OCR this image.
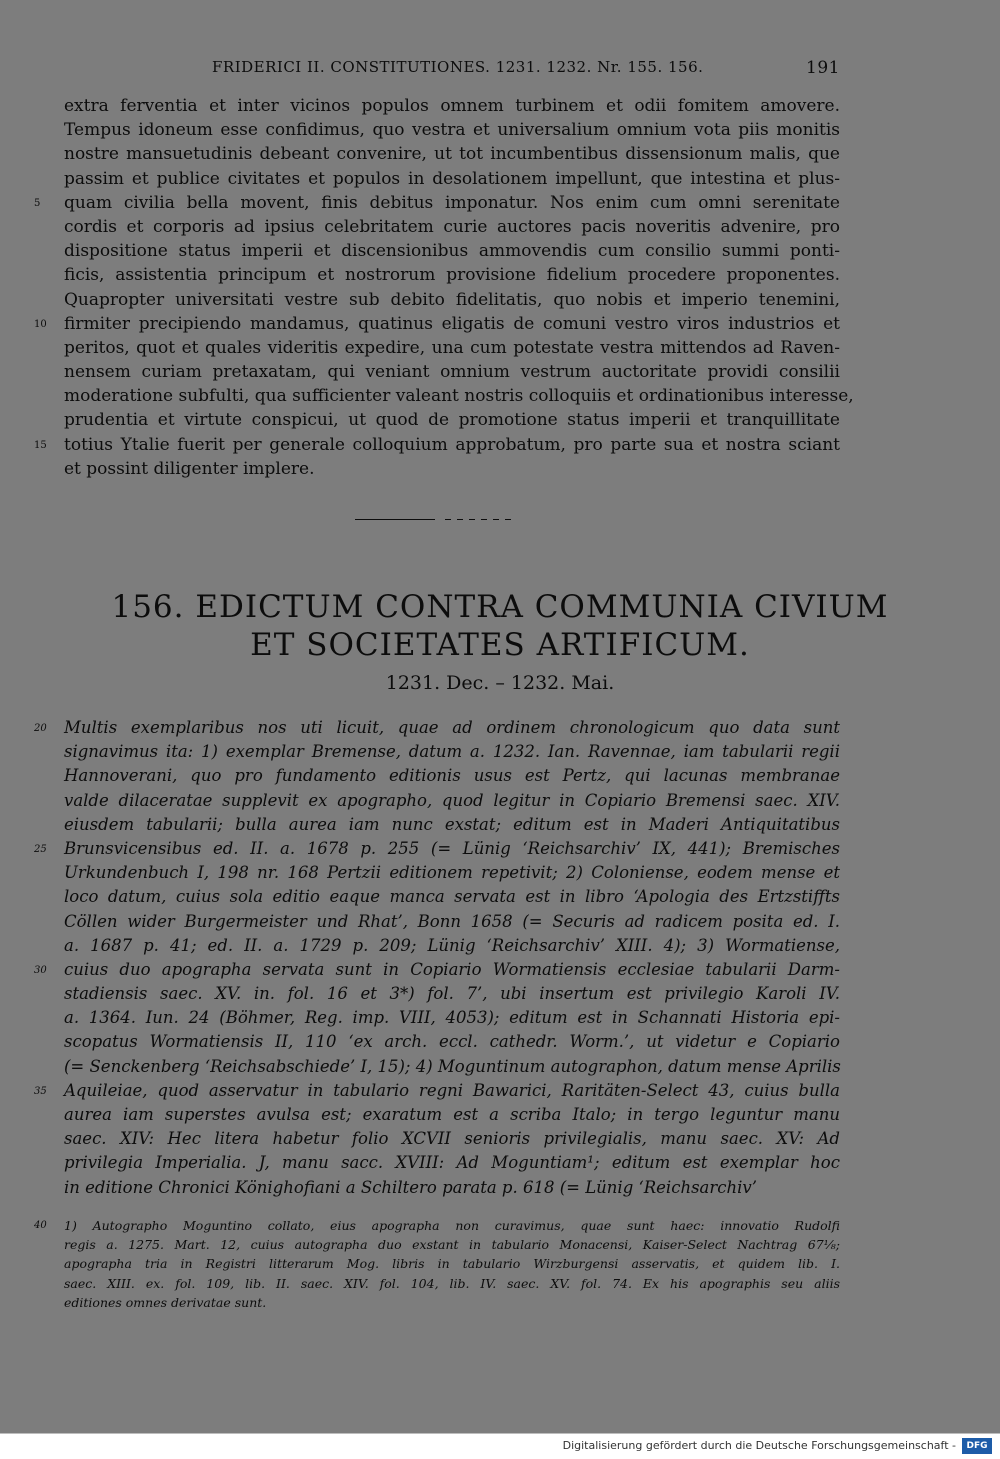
FRIDERICI II. CONSTITUTIONES. 1231. 1232. Nr. 155. 156.	191
extra ferventia et inter vicinos populos omnem turbinem et odii fomitem amovere.
Tempus idoneum esse confidimus, quo vestra et universalium omnium vota piis monitis
nostre mansuetudinis debeant convenire, ut tot incumbentibus dissensionum malis, que
passim et publice civitates et populos in desolationem impellunt, que intestina et plus-
5	quam civilia bella movent, finis debitus imponatur. Nos enim cum omni serenitate
cordis et corporis ad ipsius celebritatem curie auctores pacis noveritis advenire, pro
dispositione status imperii et discensionibus ammovendis cum consilio summi ponti-
ficis, assistentia principum et nostrorum provisione fidelium procedere proponentes.
Quapropter universitati vestre sub debito fidelitatis, quo nobis et imperio tenemini,
10	firmiter precipiendo mandamus, quatinus eligatis de comuni vestro viros industrios et
peritos, quot et quales videritis expedire, una cum potestate vestra mittendos ad Raven-
nensem curiam pretaxatam, qui veniant omnium vestrum auctoritate providi consilii
moderatione subfulti, qua sufficienter valeant nostris colloquiis et ordinationibus interesse,
prudentia et virtute conspicui, ut quod de promotione status imperii et tranquillitate
15	totius Ytalie fuerit per generale colloquium approbatum, pro parte sua et nostra sciant
et possint diligenter implere.
156. EDICTUM CONTRA COMMUNIA CIVIUM
ET SOCIETATES ARTIFICUM.
1231. Dec. – 1232. Mai.
20	Multis exemplaribus nos uti licuit, quae ad ordinem chronologicum quo data sunt
signavimus ita: 1) exemplar Bremense, datum a. 1232. Ian. Ravennae, iam tabularii regii
Hannoverani, quo pro fundamento editionis usus est Pertz, qui lacunas membranae
valde dilaceratae supplevit ex apographo, quod legitur in Copiario Bremensi saec. XIV.
eiusdem tabularii; bulla aurea iam nunc exstat; editum est in Maderi Antiquitatibus
25	Brunsvicensibus ed. II. a. 1678 p. 255 (= Lünig ‘Reichsarchiv’ IX, 441); Bremisches
Urkundenbuch I, 198 nr. 168 Pertzii editionem repetivit; 2) Coloniense, eodem mense et
loco datum, cuius sola editio eaque manca servata est in libro ‘Apologia des Ertzstiffts
Cöllen wider Burgermeister und Rhat’, Bonn 1658 (= Securis ad radicem posita ed. I.
a. 1687 p. 41; ed. II. a. 1729 p. 209; Lünig ‘Reichsarchiv’ XIII. 4); 3) Wormatiense,
30	cuius duo apographa servata sunt in Copiario Wormatiensis ecclesiae tabularii Darm-
stadiensis saec. XV. in. fol. 16 et 3*) fol. 7’, ubi insertum est privilegio Karoli IV.
a. 1364. Iun. 24 (Böhmer, Reg. imp. VIII, 4053); editum est in Schannati Historia epi-
scopatus Wormatiensis II, 110 ‘ex arch. eccl. cathedr. Worm.’, ut videtur e Copiario
(= Senckenberg ‘Reichsabschiede’ I, 15); 4) Moguntinum autographon, datum mense Aprilis
35	Aquileiae, quod asservatur in tabulario regni Bawarici, Raritäten-Select 43, cuius bulla
aurea iam superstes avulsa est; exaratum est a scriba Italo; in tergo leguntur manu
saec. XIV: Hec litera habetur folio XCVII senioris privilegialis, manu saec. XV: Ad
privilegia Imperialia. J, manu sacc. XVIII: Ad Moguntiam¹; editum est exemplar hoc
in editione Chronici Könighofiani a Schiltero parata p. 618 (= Lünig ‘Reichsarchiv’
40	1) Autographo Moguntino collato, eius apographa non curavimus, quae sunt haec: innovatio Rudolfi
regis a. 1275. Mart. 12, cuius autographa duo exstant in tabulario Monacensi, Kaiser-Select Nachtrag 67⅛;
apographa tria in Registri litterarum Mog. libris in tabulario Wirzburgensi asservatis, et quidem lib. I.
saec. XIII. ex. fol. 109, lib. II. saec. XIV. fol. 104, lib. IV. saec. XV. fol. 74. Ex his apographis seu aliis
editiones omnes derivatae sunt.
Digitalisierung gefördert durch die Deutsche Forschungsgemeinschaft -	DFG
